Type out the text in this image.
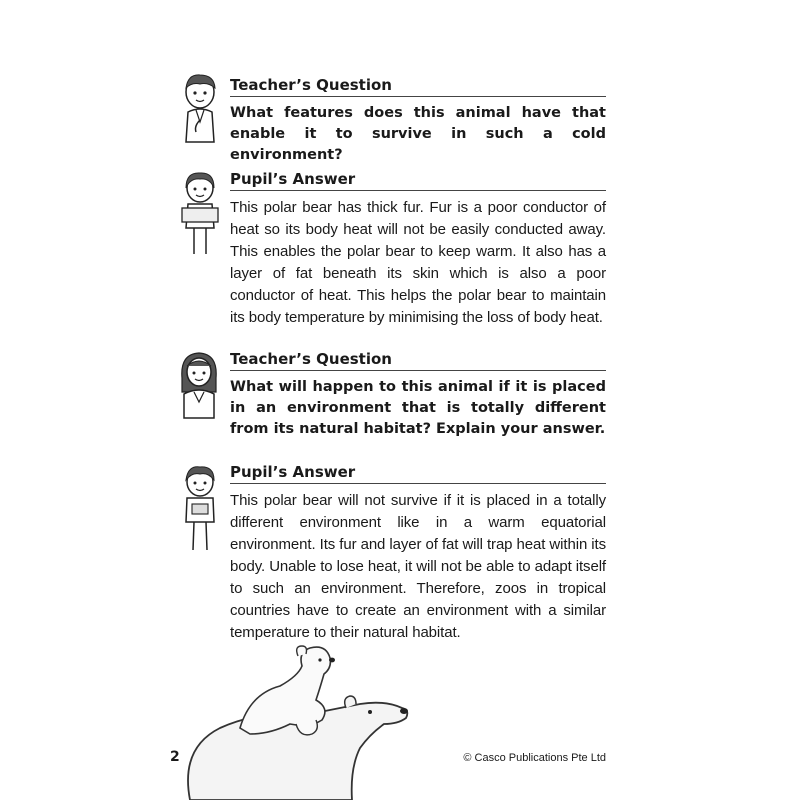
Teacher’s Question
What features does this animal have that enable it to survive in such a cold environment?
Pupil’s Answer
This polar bear has thick fur. Fur is a poor conductor of heat so its body heat will not be easily conducted away. This enables the polar bear to keep warm. It also has a layer of fat beneath its skin which is also a poor conductor of heat. This helps the polar bear to maintain its body temperature by minimising the loss of body heat.
Teacher’s Question
What will happen to this animal if it is placed in an environment that is totally different from its natural habitat? Explain your answer.
Pupil’s Answer
This polar bear will not survive if it is placed in a totally different environment like in a warm equatorial environment. Its fur and layer of fat will trap heat within its body. Unable to lose heat, it will not be able to adapt itself to such an environment. Therefore, zoos in tropical countries have to create an environment with a similar temperature to their natural habitat.
2	© Casco Publications Pte Ltd
